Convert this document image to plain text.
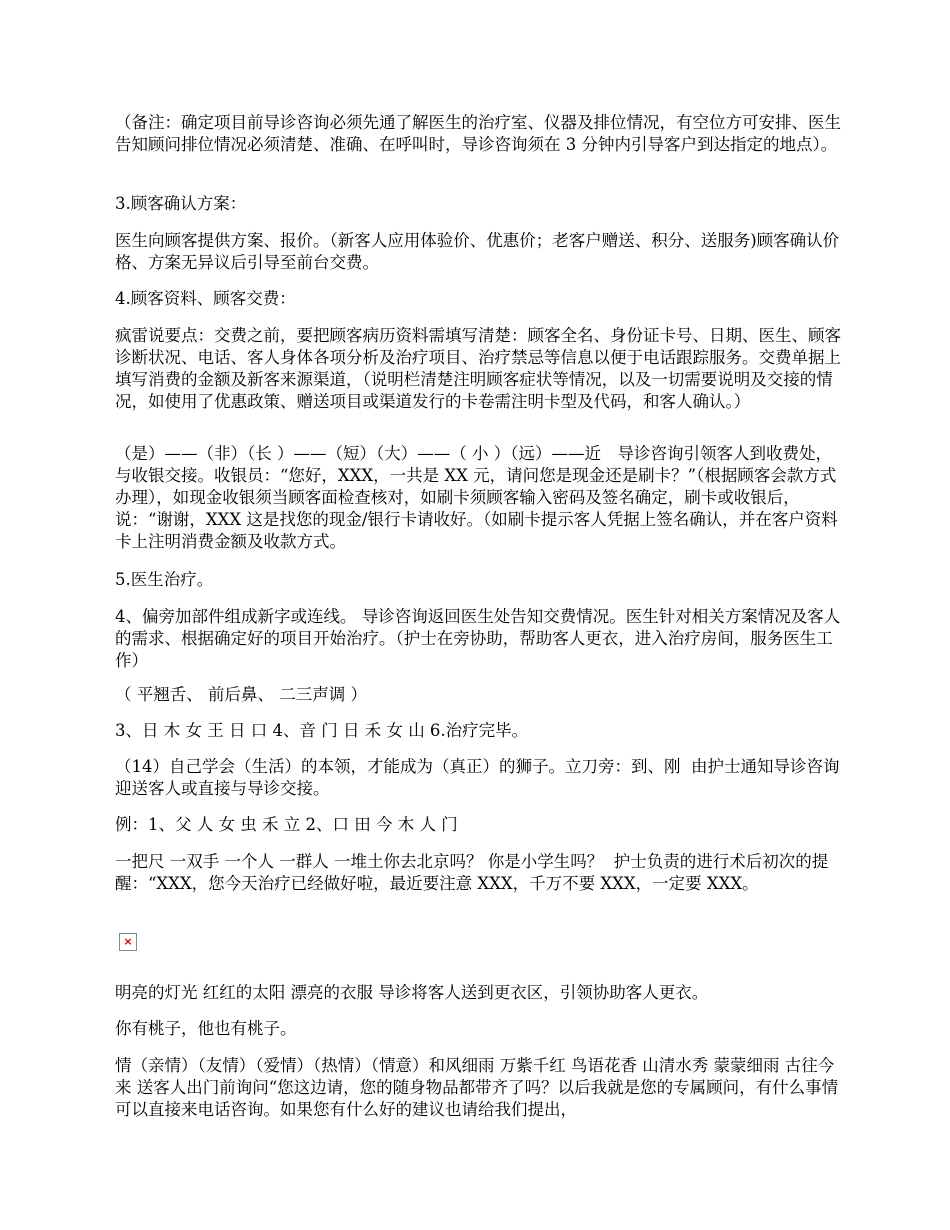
（备注：确定项目前导诊咨询必须先通了解医生的治疗室、仪器及排位情况，有空位方可安排、医生告知顾问排位情况必须清楚、准确、在呼叫时，导诊咨询须在 3 分钟内引导客户到达指定的地点）。

3.顾客确认方案：

医生向顾客提供方案、报价。（新客人应用体验价、优惠价；老客户赠送、积分、送服务)顾客确认价格、方案无异议后引导至前台交费。

4.顾客资料、顾客交费：

疯雷说要点：交费之前，要把顾客病历资料需填写清楚：顾客全名、身份证卡号、日期、医生、顾客诊断状况、电话、客人身体各项分析及治疗项目、治疗禁忌等信息以便于电话跟踪服务。交费单据上填写消费的金额及新客来源渠道，（说明栏清楚注明顾客症状等情况，以及一切需要说明及交接的情况，如使用了优惠政策、赠送项目或渠道发行的卡卷需注明卡型及代码，和客人确认。）

（是）——（非）（长 ）——（短）（大）——（ 小 ）（远）——近　导诊咨询引领客人到收费处，与收银交接。收银员：“您好，XXX，一共是 XX 元，请问您是现金还是刷卡？”（根据顾客会款方式办理），如现金收银须当顾客面检查核对，如刷卡须顾客输入密码及签名确定，刷卡或收银后，说：“谢谢，XXX 这是找您的现金/银行卡请收好。（如刷卡提示客人凭据上签名确认，并在客户资料卡上注明消费金额及收款方式。

5.医生治疗。

4、偏旁加部件组成新字或连线。 导诊咨询返回医生处告知交费情况。医生针对相关方案情况及客人的需求、根据确定好的项目开始治疗。（护士在旁协助，帮助客人更衣，进入治疗房间，服务医生工作）

（ 平翘舌、 前后鼻、 二三声调 ）

3、日 木 女 王 日 口 4、音 门 日 禾 女 山 6.治疗完毕。

（14）自己学会（生活）的本领，才能成为（真正）的狮子。立刀旁：到、刚  由护士通知导诊咨询迎送客人或直接与导诊交接。

例：1、父 人 女 虫 禾 立 2、口 田 今 木 人 门

一把尺 一双手 一个人 一群人 一堆土你去北京吗？ 你是小学生吗？  护士负责的进行术后初次的提醒：“XXX，您今天治疗已经做好啦，最近要注意 XXX，千万不要 XXX，一定要 XXX。

×

明亮的灯光 红红的太阳 漂亮的衣服 导诊将客人送到更衣区，引领协助客人更衣。

你有桃子，他也有桃子。

情（亲情）（友情）（爱情）（热情）（情意）和风细雨 万紫千红 鸟语花香 山清水秀 蒙蒙细雨 古往今来 送客人出门前询问“您这边请，您的随身物品都带齐了吗？以后我就是您的专属顾问，有什么事情可以直接来电话咨询。如果您有什么好的建议也请给我们提出，
